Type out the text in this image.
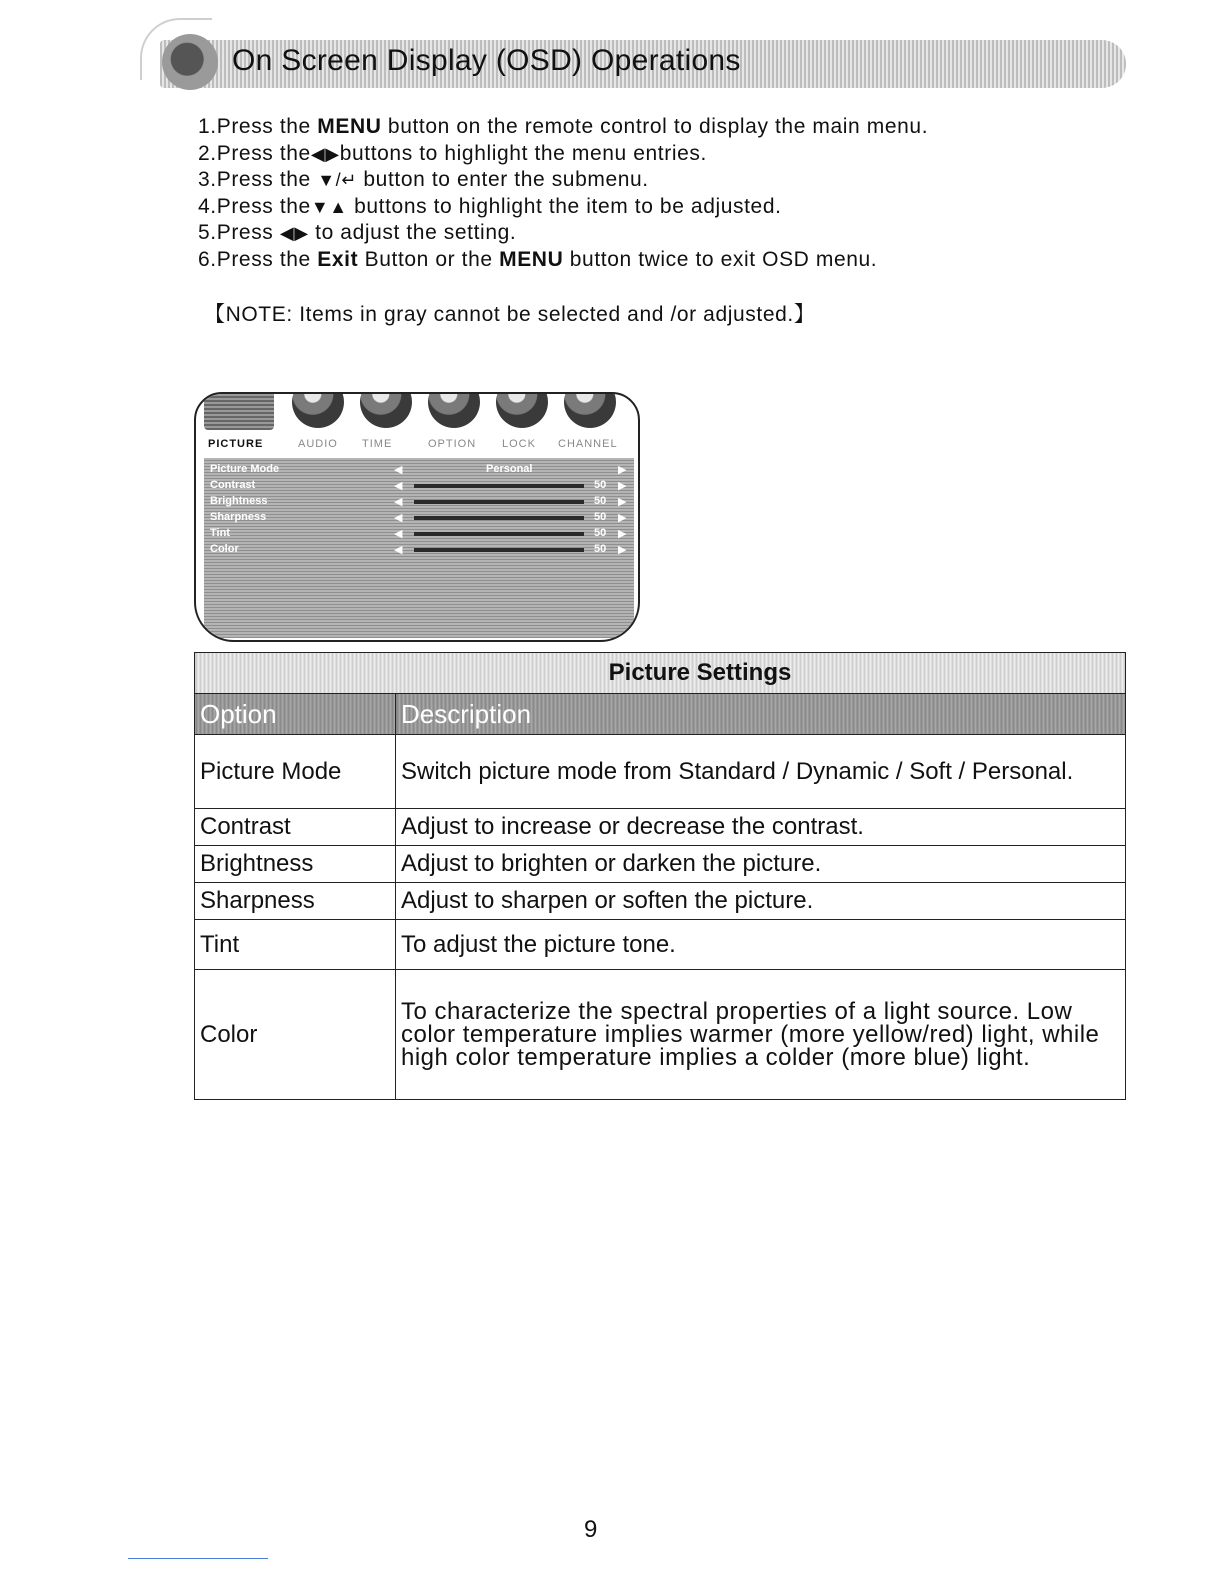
On Screen Display (OSD) Operations
1.Press the MENU button on the remote control to display the main menu.
2.Press the◀▶buttons to highlight the menu entries.
3.Press the ▼/↵ button to enter the submenu.
4.Press the▼▲ buttons to highlight the item to be adjusted.
5.Press ◀▶ to adjust the setting.
6.Press the Exit Button or the MENU button twice to exit OSD menu.
【NOTE: Items in gray cannot be selected and /or adjusted.】
PICTURE	AUDIO TIME	OPTION LOCK CHANNEL
Picture Mode	◀	Personal	▶
Contrast	◀	50 ▶
Brightness	◀	50 ▶
Sharpness	◀	50 ▶
Tint	◀	50 ▶
Color	◀	50 ▶
Picture Settings	
Option	Description
Picture Mode	Switch picture mode from Standard / Dynamic / Soft / Personal.
Contrast	Adjust to increase or decrease the contrast.
Brightness	Adjust to brighten or darken the picture.
Sharpness	Adjust to sharpen or soften the picture.
Tint	To adjust the picture tone.
Color	To characterize the spectral properties of a light source. Low color temperature implies warmer (more yellow/red) light, while high color temperature implies a colder (more blue) light.
9
